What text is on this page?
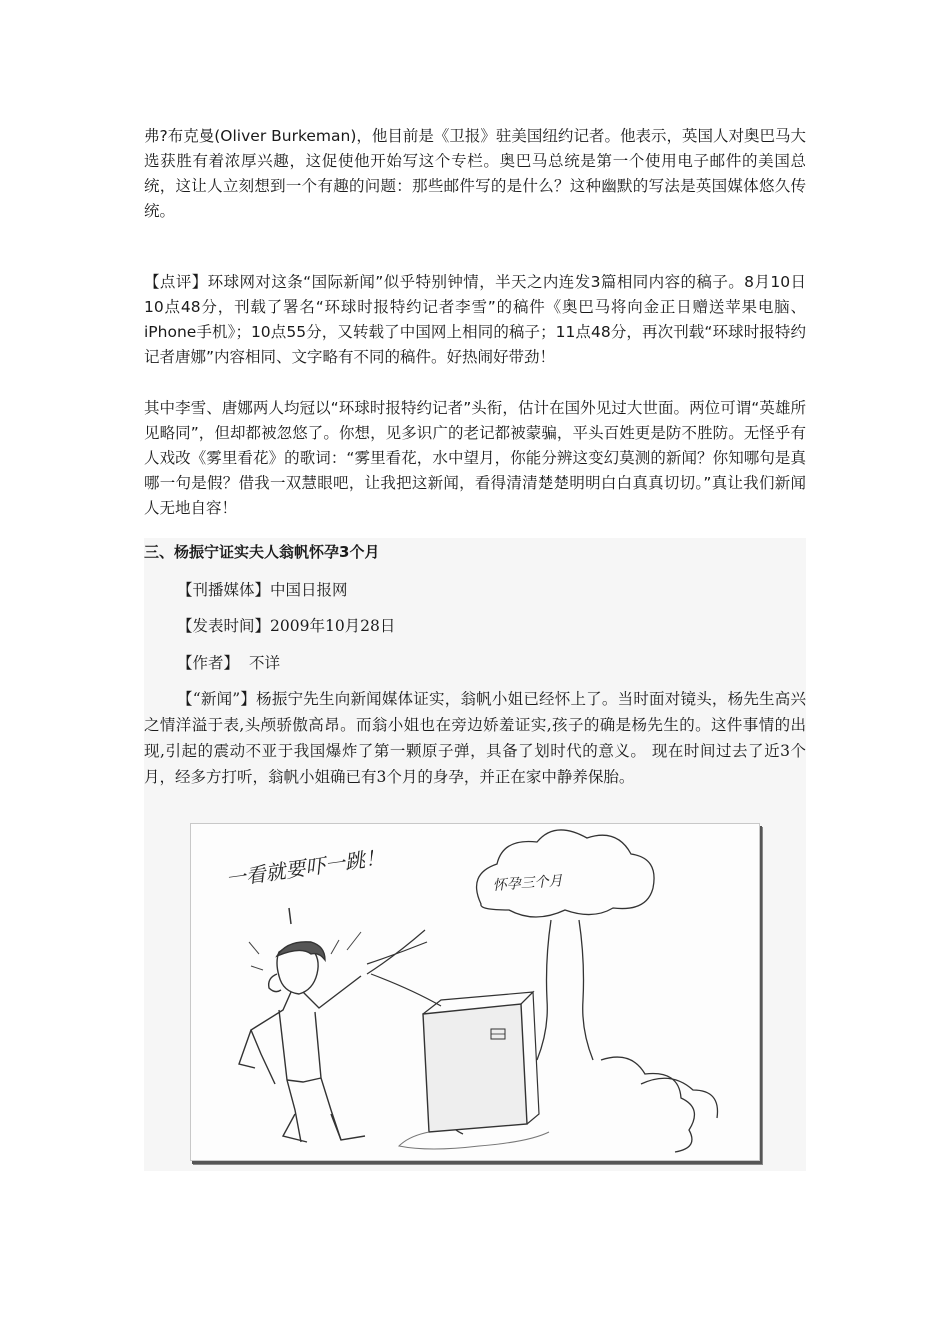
弗?布克曼(Oliver Burkeman)，他目前是《卫报》驻美国纽约记者。他表示，英国人对奥巴马大选获胜有着浓厚兴趣，这促使他开始写这个专栏。奥巴马总统是第一个使用电子邮件的美国总统，这让人立刻想到一个有趣的问题：那些邮件写的是什么？这种幽默的写法是英国媒体悠久传统。

【点评】环球网对这条“国际新闻”似乎特别钟情，半天之内连发3篇相同内容的稿子。8月10日10点48分，刊载了署名“环球时报特约记者李雪”的稿件《奥巴马将向金正日赠送苹果电脑、iPhone手机》；10点55分，又转载了中国网上相同的稿子；11点48分，再次刊载“环球时报特约记者唐娜”内容相同、文字略有不同的稿件。好热闹好带劲！

其中李雪、唐娜两人均冠以“环球时报特约记者”头衔，估计在国外见过大世面。两位可谓“英雄所见略同”，但却都被忽悠了。你想，见多识广的老记都被蒙骗，平头百姓更是防不胜防。无怪乎有人戏改《雾里看花》的歌词：“雾里看花，水中望月，你能分辨这变幻莫测的新闻？你知哪句是真哪一句是假？借我一双慧眼吧，让我把这新闻，看得清清楚楚明明白白真真切切。”真让我们新闻人无地自容！

三、杨振宁证实夫人翁帆怀孕3个月

【刊播媒体】中国日报网

【发表时间】2009年10月28日

【作者】 不详

【“新闻”】杨振宁先生向新闻媒体证实，翁帆小姐已经怀上了。当时面对镜头，杨先生高兴之情洋溢于表,头颅骄傲高昂。而翁小姐也在旁边娇羞证实,孩子的确是杨先生的。这件事情的出现,引起的震动不亚于我国爆炸了第一颗原子弹，具备了划时代的意义。 现在时间过去了近3个月，经多方打听，翁帆小姐确已有3个月的身孕，并正在家中静养保胎。

一看就要吓一跳！	怀孕三个月
